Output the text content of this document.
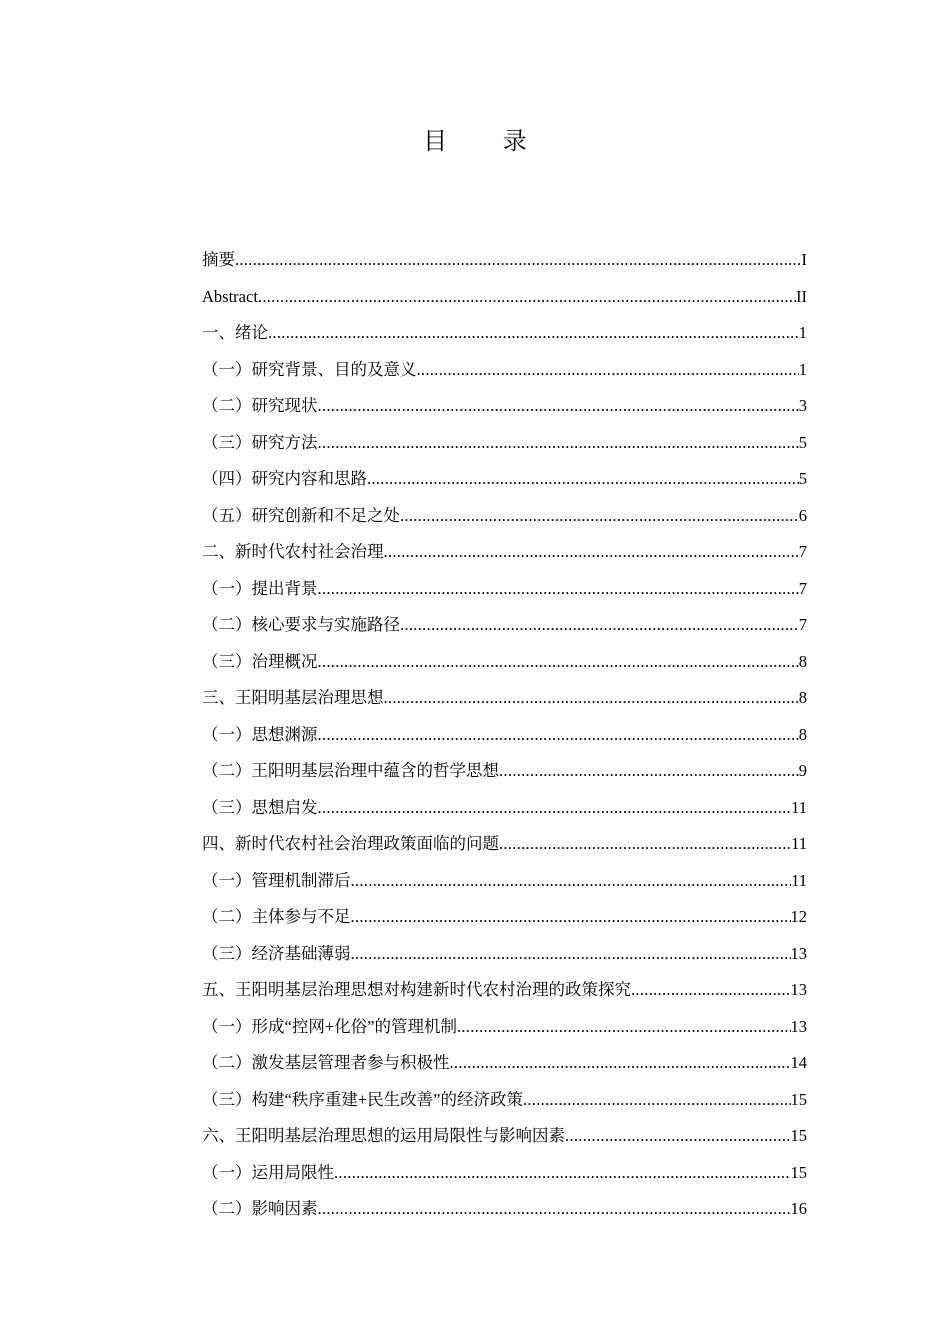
目 录
摘要 .....	I
Abstract .....	II
一、绪论 .....	1
（一）研究背景、目的及意义 .....	1
（二）研究现状 .....	3
（三）研究方法 .....	5
（四）研究内容和思路 .....	5
（五）研究创新和不足之处 .....	6
二、新时代农村社会治理 .....	7
（一）提出背景 .....	7
（二）核心要求与实施路径 .....	7
（三）治理概况 .....	8
三、王阳明基层治理思想 .....	8
（一）思想渊源 .....	8
（二）王阳明基层治理中蕴含的哲学思想 .....	9
（三）思想启发 .....	11
四、新时代农村社会治理政策面临的问题 .....	11
（一）管理机制滞后 .....	11
（二）主体参与不足 .....	12
（三）经济基础薄弱 .....	13
五、王阳明基层治理思想对构建新时代农村治理的政策探究 .....	13
（一）形成“控网+化俗”的管理机制 .....	13
（二）激发基层管理者参与积极性 .....	14
（三）构建“秩序重建+民生改善”的经济政策 .....	15
六、王阳明基层治理思想的运用局限性与影响因素 .....	15
（一）运用局限性 .....	15
（二）影响因素 .....	16
